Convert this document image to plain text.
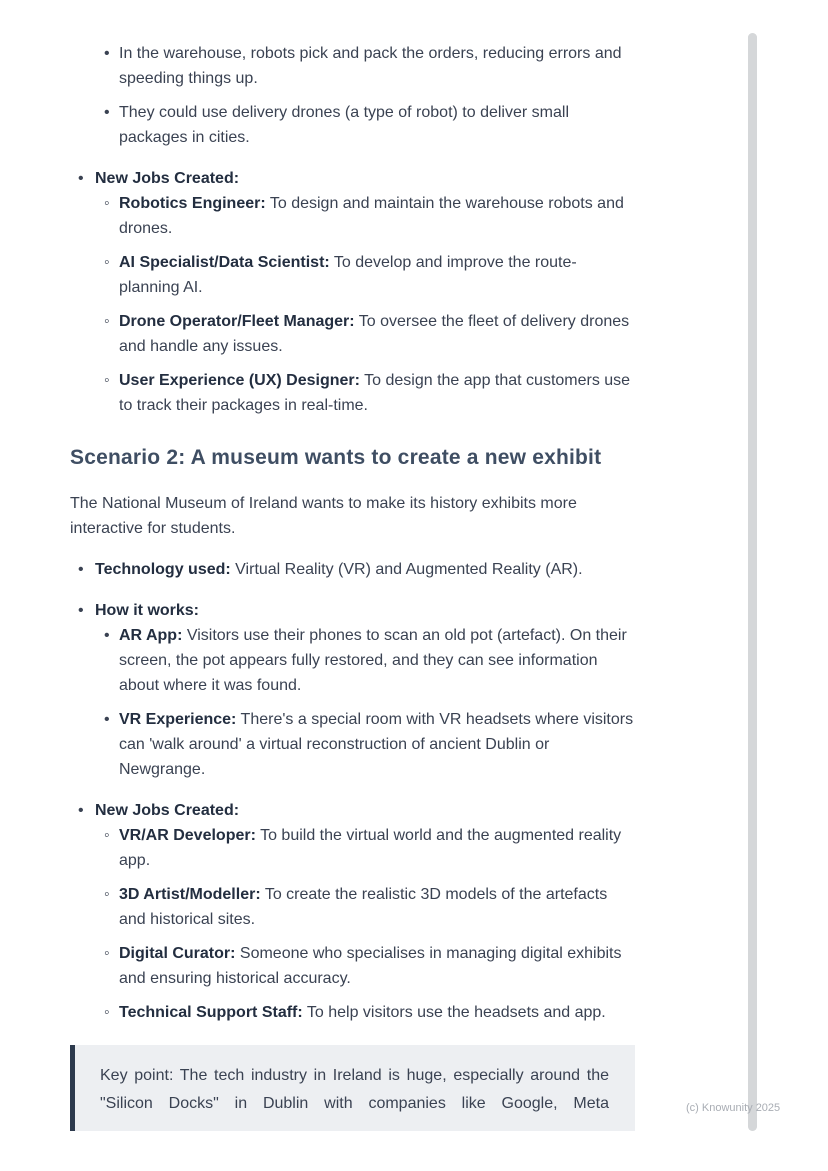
•

In the warehouse, robots pick and pack the orders, reducing errors and speeding things up.

•

They could use delivery drones (a type of robot) to deliver small packages in cities.

•

New Jobs Created:

◦

Robotics Engineer: To design and maintain the warehouse robots and drones.

◦

AI Specialist/Data Scientist: To develop and improve the route-planning AI.

◦

Drone Operator/Fleet Manager: To oversee the fleet of delivery drones and handle any issues.

◦

User Experience (UX) Designer: To design the app that customers use to track their packages in real-time.

Scenario 2: A museum wants to create a new exhibit

The National Museum of Ireland wants to make its history exhibits more interactive for students.

•

Technology used: Virtual Reality (VR) and Augmented Reality (AR).

•

How it works:

•

AR App: Visitors use their phones to scan an old pot (artefact). On their screen, the pot appears fully restored, and they can see information about where it was found.

•

VR Experience: There's a special room with VR headsets where visitors can 'walk around' a virtual reconstruction of ancient Dublin or Newgrange.

•

New Jobs Created:

◦

VR/AR Developer: To build the virtual world and the augmented reality app.

◦

3D Artist/Modeller: To create the realistic 3D models of the artefacts and historical sites.

◦

Digital Curator: Someone who specialises in managing digital exhibits and ensuring historical accuracy.

◦

Technical Support Staff: To help visitors use the headsets and app.

Key point: The tech industry in Ireland is huge, especially around the "Silicon Docks" in Dublin with companies like Google, Meta	(c) Knowunity 2025
